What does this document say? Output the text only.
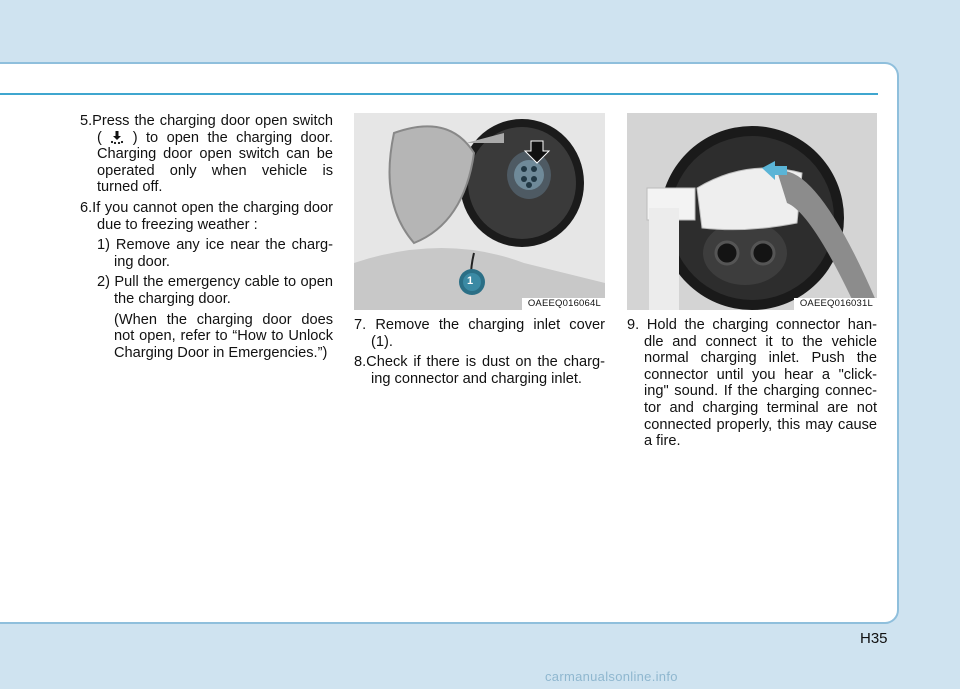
5.Press the charging door open switch ( ) to open the charging door. Charging door open switch can be operated only when vehicle is turned off.

6.If you cannot open the charging door due to freezing weather :

1) Remove any ice near the charg-ing door.

2) Pull the emergency cable to open the charging door.

(When the charging door does not open, refer to “How to Unlock Charging Door in Emergencies.”)

1
OAEEQ016064L

7. Remove the charging inlet cover (1).

8.Check if there is dust on the charg-ing connector and charging inlet.

OAEEQ016031L

9. Hold the charging connector han-dle and connect it to the vehicle normal charging inlet. Push the connector until you hear a "click-ing" sound. If the charging connec-tor and charging terminal are not connected properly, this may cause a fire.

H35
carmanualsonline.info
